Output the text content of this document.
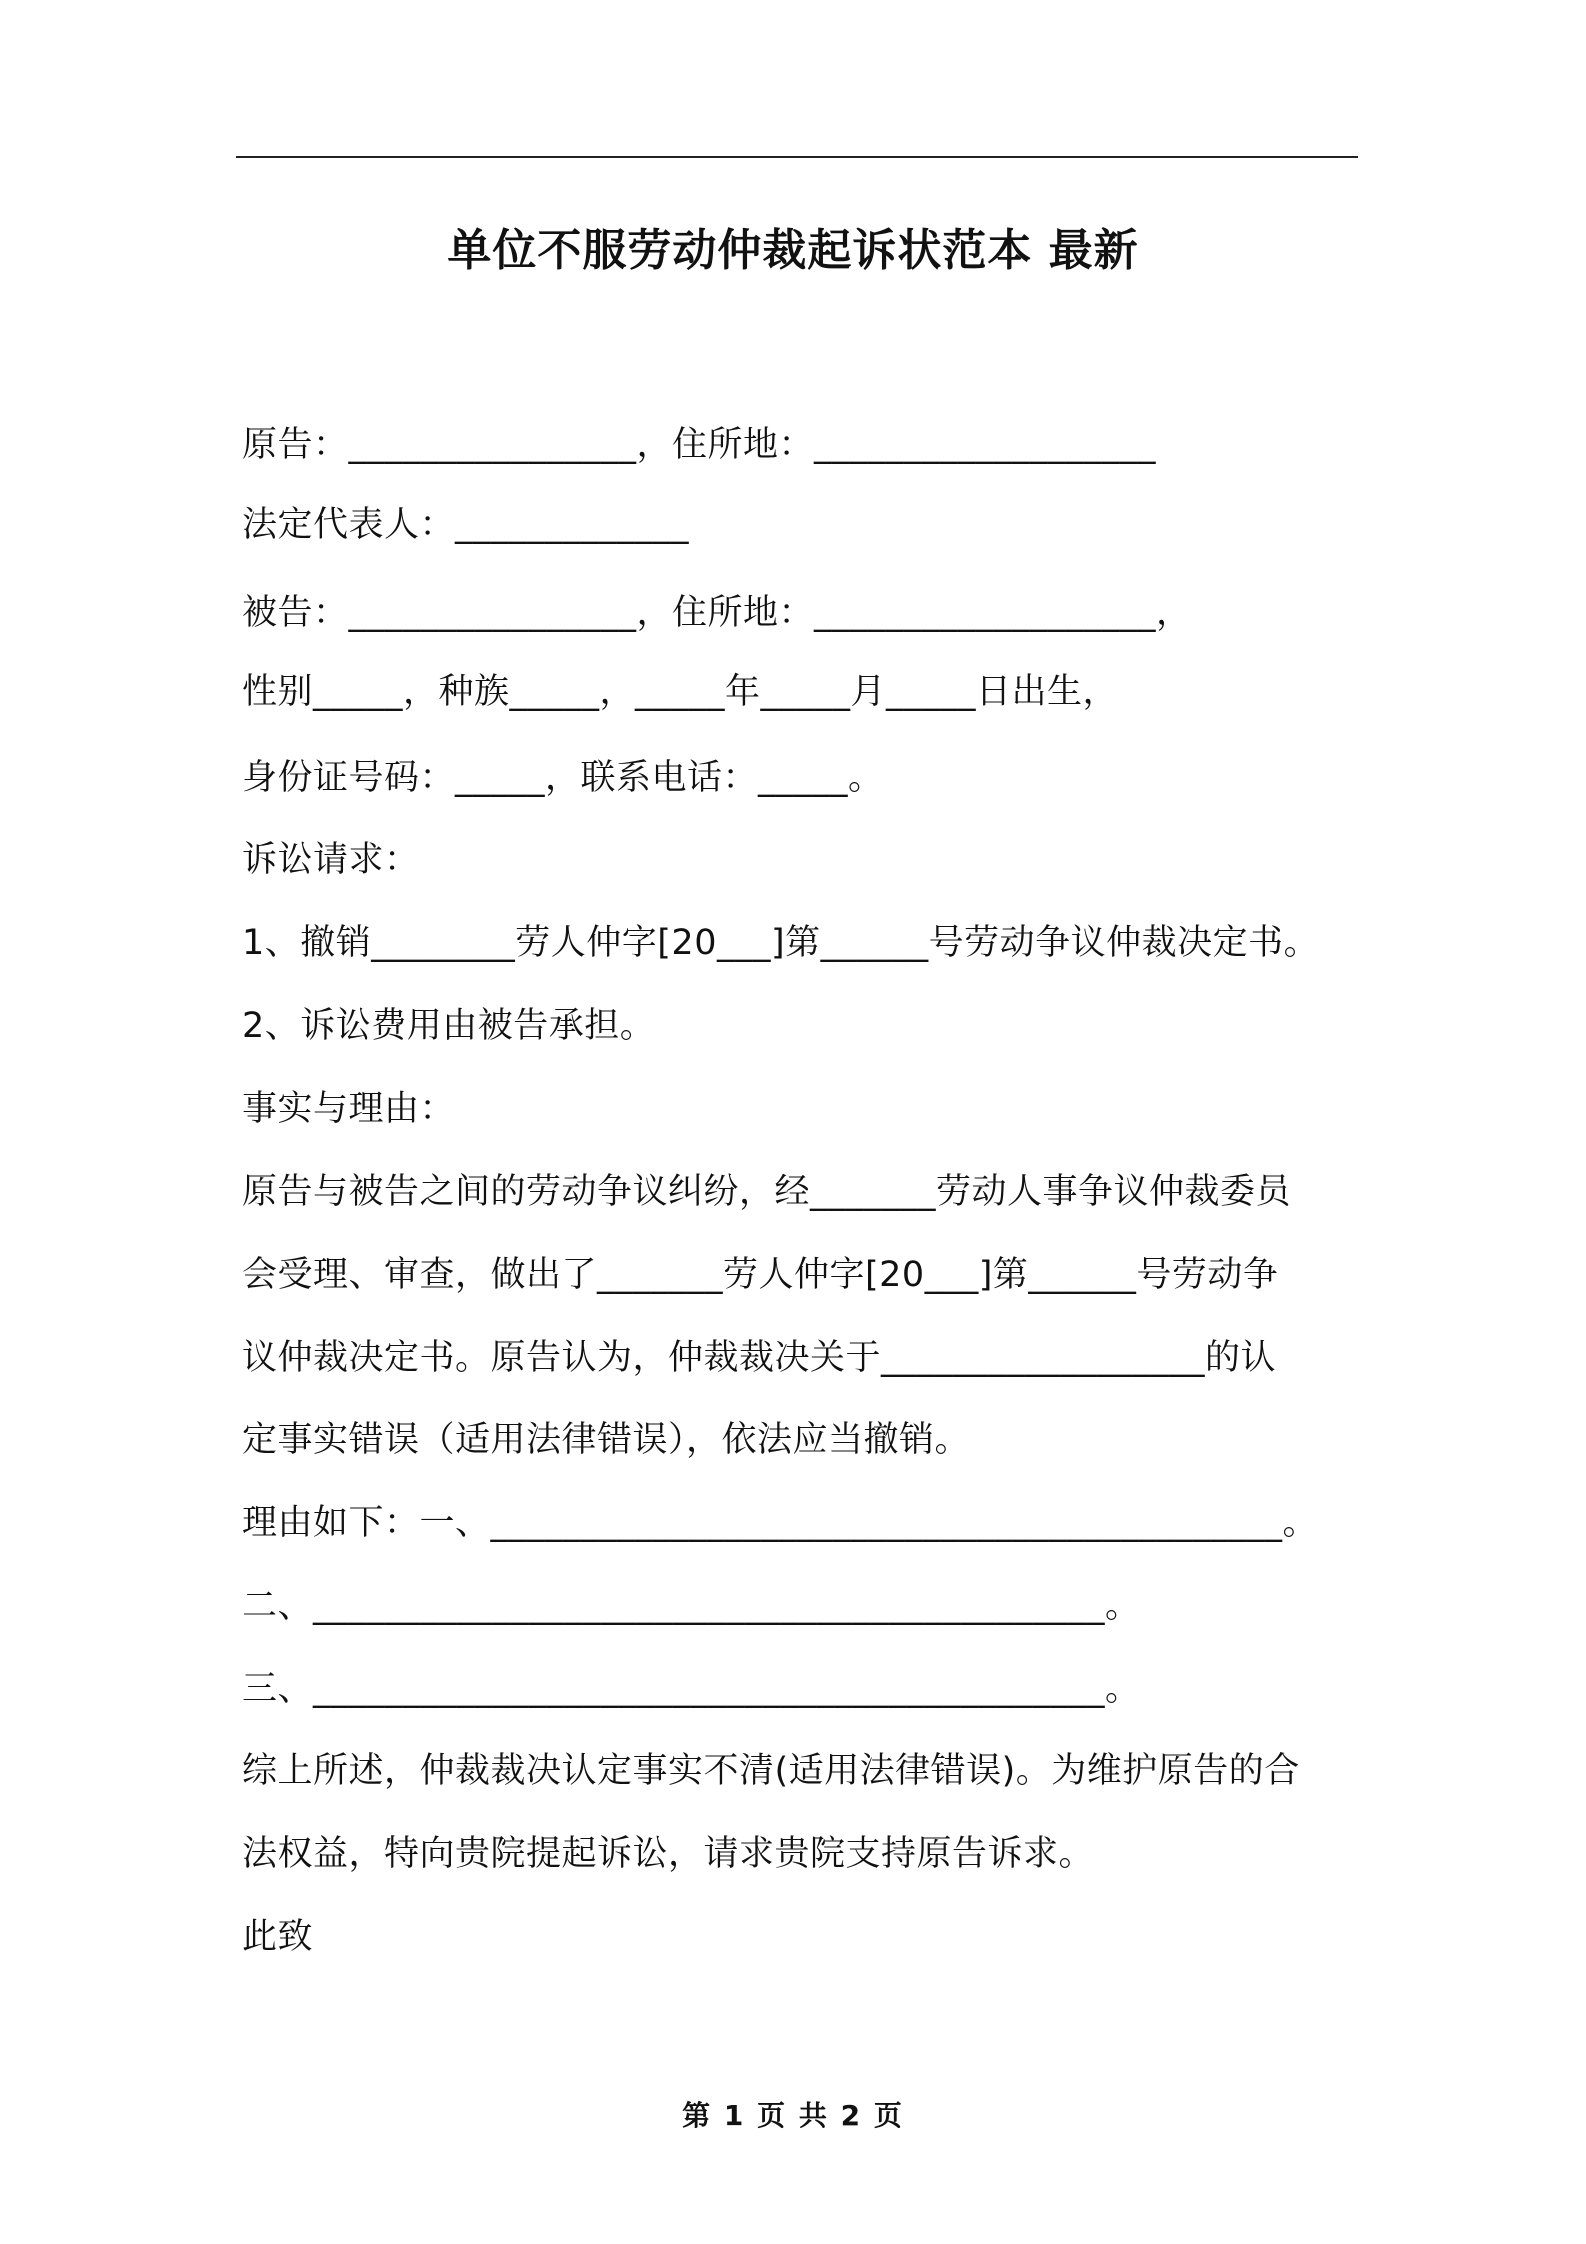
单位不服劳动仲裁起诉状范本 最新
原告：________________，住所地：___________________
法定代表人：_____________
被告：________________，住所地：___________________，
性别_____，种族_____，_____年_____月_____日出生，
身份证号码：_____，联系电话：_____。
诉讼请求：
1、撤销________劳人仲字[20___]第______号劳动争议仲裁决定书。
2、诉讼费用由被告承担。
事实与理由：
原告与被告之间的劳动争议纠纷，经_______劳动人事争议仲裁委员
会受理、审查，做出了_______劳人仲字[20___]第______号劳动争
议仲裁决定书。原告认为，仲裁裁决关于__________________的认
定事实错误（适用法律错误），依法应当撤销。
理由如下：一、____________________________________________。
二、____________________________________________。
三、____________________________________________。
综上所述，仲裁裁决认定事实不清(适用法律错误)。为维护原告的合
法权益，特向贵院提起诉讼，请求贵院支持原告诉求。
此致
第 1 页 共 2 页
